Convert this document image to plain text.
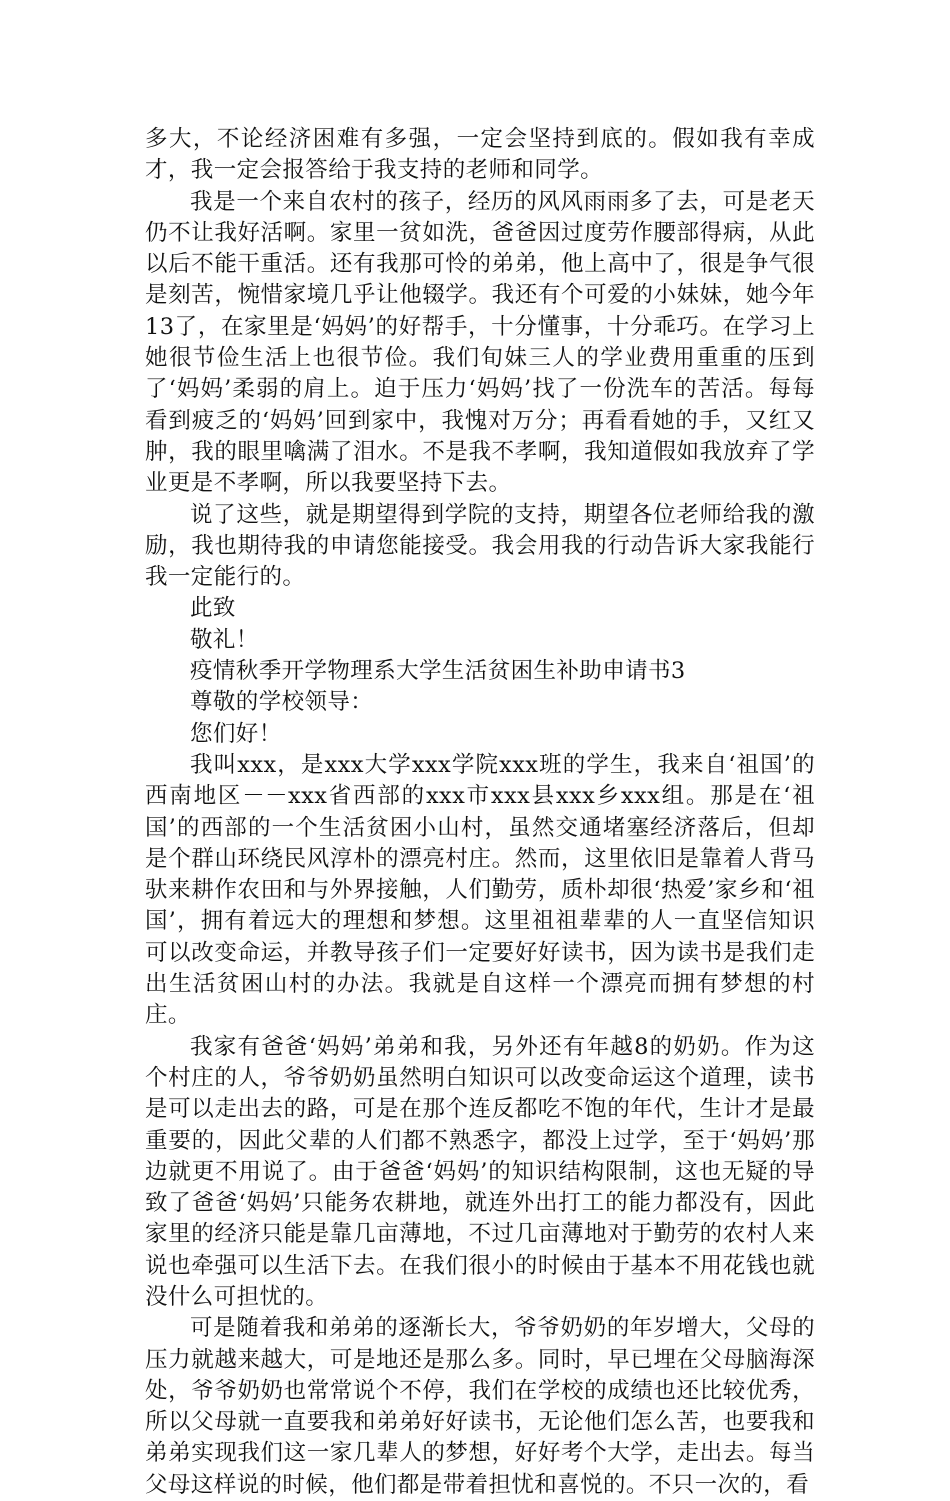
多大，不论经济困难有多强，一定会坚持到底的。假如我有幸成才，我一定会报答给于我支持的老师和同学。

我是一个来自农村的孩子，经历的风风雨雨多了去，可是老天仍不让我好活啊。家里一贫如洗，爸爸因过度劳作腰部得病，从此以后不能干重活。还有我那可怜的弟弟，他上高中了，很是争气很是刻苦，惋惜家境几乎让他辍学。我还有个可爱的小妹妹，她今年13了，在家里是‘妈妈’的好帮手，十分懂事，十分乖巧。在学习上她很节俭生活上也很节俭。我们旬妹三人的学业费用重重的压到了‘妈妈’柔弱的肩上。迫于压力‘妈妈’找了一份洗车的苦活。每每看到疲乏的‘妈妈’回到家中，我愧对万分；再看看她的手，又红又肿，我的眼里噙满了泪水。不是我不孝啊，我知道假如我放弃了学业更是不孝啊，所以我要坚持下去。

说了这些，就是期望得到学院的支持，期望各位老师给我的激励，我也期待我的申请您能接受。我会用我的行动告诉大家我能行我一定能行的。

此致

敬礼！

疫情秋季开学物理系大学生活贫困生补助申请书3

尊敬的学校领导：

您们好！

我叫xxx，是xxx大学xxx学院xxx班的学生，我来自‘祖国’的西南地区－－xxx省西部的xxx市xxx县xxx乡xxx组。那是在‘祖国’的西部的一个生活贫困小山村，虽然交通堵塞经济落后，但却是个群山环绕民风淳朴的漂亮村庄。然而，这里依旧是靠着人背马驮来耕作农田和与外界接触，人们勤劳，质朴却很‘热爱’家乡和‘祖国’，拥有着远大的理想和梦想。这里祖祖辈辈的人一直坚信知识可以改变命运，并教导孩子们一定要好好读书，因为读书是我们走出生活贫困山村的办法。我就是自这样一个漂亮而拥有梦想的村庄。

我家有爸爸‘妈妈’弟弟和我，另外还有年越8的奶奶。作为这个村庄的人，爷爷奶奶虽然明白知识可以改变命运这个道理，读书是可以走出去的路，可是在那个连反都吃不饱的年代，生计才是最重要的，因此父辈的人们都不熟悉字，都没上过学，至于‘妈妈’那边就更不用说了。由于爸爸‘妈妈’的知识结构限制，这也无疑的导致了爸爸‘妈妈’只能务农耕地，就连外出打工的能力都没有，因此家里的经济只能是靠几亩薄地，不过几亩薄地对于勤劳的农村人来说也牵强可以生活下去。在我们很小的时候由于基本不用花钱也就没什么可担忧的。

可是随着我和弟弟的逐渐长大，爷爷奶奶的年岁增大，父母的压力就越来越大，可是地还是那么多。同时，早已埋在父母脑海深处，爷爷奶奶也常常说个不停，我们在学校的成绩也还比较优秀，所以父母就一直要我和弟弟好好读书，无论他们怎么苦，也要我和弟弟实现我们这一家几辈人的梦想，好好考个大学，走出去。每当父母这样说的时候，他们都是带着担忧和喜悦的。不只一次的，看
